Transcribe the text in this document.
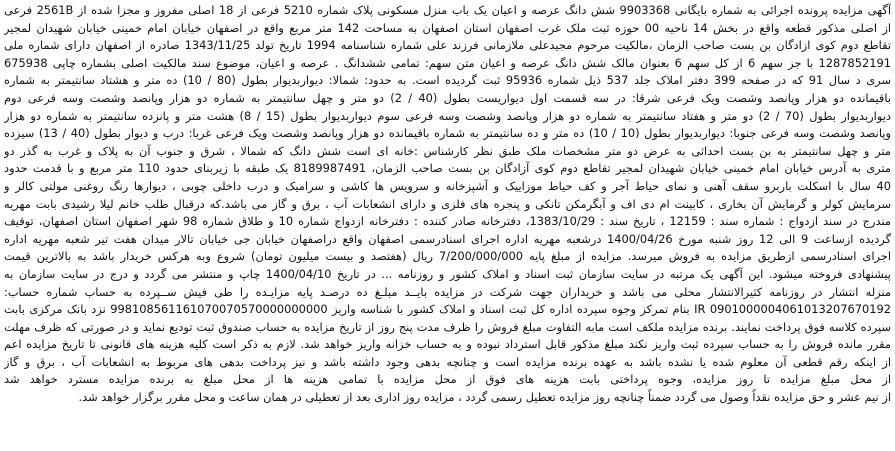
آگهی مزایده پرونده اجرائی به شماره بایگانی 9903368 شش دانگ عرصه و اعیان یک باب منزل مسکونی پلاک شماره 5210 فرعی از 18 اصلی مفروز و مجزا شده از 2561B فرعی
از اصلی مذکور قطعه واقع در بخش 14 ناحیه 00 حوزه ثبت ملک غرب اصفهان استان اصفهان به مساحت 142 متر مربع واقع در اصفهان خیابان امام خمینی خیابان شهیدان لمجیر
تقاطع دوم کوی ازادگان بن بست صاحب الزمان ،مالکیت مرحوم مجیدعلی ملازمانی فرزند علی شماره شناسنامه 1994 تاریخ تولد 1343/11/25 صادره از اصفهان دارای شماره ملی
1287852191 با جز سهم 6 از کل سهم 6 بعنوان مالک شش دانگ عرصه و اعیان متن سهم: تمامی ششدانگ . عرصه و اعیان، موضوع سند مالکیت اصلی بشماره چاپی 675938
سری د سال 91 که در صفحه 399 دفتر املاک جلد 537 ذیل شماره 95936 ثبت گردیده است. به حدود: شمالا: دیواربدیوار بطول (80 / 10) ده متر و هشتاد سانتیمتر به شماره
باقیمانده دو هزار وپانصد وشصت ویک فرعی شرقا: در سه قسمت اول دیواریست بطول (40 / 2) دو متر و چهل سانتیمتر به شماره دو هزار وپانصد وشصت وسه فرعی دوم
دیواربدیوار بطول (70 / 2) دو متر و هفتاد سانتیمتر به شماره دو هزار وپانصد وشصت وسه فرعی سوم دیواربدیوار بطول (15 / 8) هشت متر و پانزده سانتیمتر به شماره دو هزار
وپانصد وشصت وسه فرعی جنوبا: دیواربدیوار بطول (10 / 10) ده متر و ده سانتیمتر به شماره باقیمانده دو هزار وپانصد وشصت ویک فرعی غربا: درب و دیوار بطول (40 / 13) سیزده
متر و چهل سانتیمتر به بن بست احداثی به عرض دو متر مشخصات ملک طبق نظر کارشناس :خانه ای است شش دانگ که شمالا ، شرق و جنوب آن به پلاک و غرب به گذر دو
متری به آدرس خیابان امام خمینی خیابان شهیدان لمجیر تقاطع دوم کوی آزادگان بن بست صاحب الزمان، 8189987491 یک طبقه با زیربنای حدود 110 متر مربع و با قدمت حدود
40 سال با اسکلت باربرو سقف آهنی و نمای حیاط آجر و کف حیاط موزاییک و آشپزخانه و سرویس ها کاشی و سرامیک و درب داخلی چوبی ، دیوارها رنگ روغنی مولتی کالر و
سرمایش کولر و گرمایش آن بخاری ، کابینت ام دی اف و آبگرمکن تانکی و پنجره های فلزی و دارای انشعابات آب ، برق و گاز می باشد.که درقبال طلب خانم لیلا رشیدی بابت مهریه
مندرج در سند ازدواج : شماره سند : 12159 ، تاریخ سند : 1383/10/29، دفترخانه صادر کننده : دفترخانه ازدواج شماره 10 و طلاق شماره 98 شهر اصفهان استان اصفهان، توقیف
گردیده ازساعت 9 الی 12 روز شنبه مورخ 1400/04/26 درشعبه مهریه اداره اجرای اسنادرسمی اصفهان واقع دراصفهان خیابان جی خیابان تالار میدان هفت تیر شعبه مهریه اداره
اجرای اسنادرسمی ازطریق مزایده به فروش میرسد. مزایده از مبلغ پایه 7/200/000/000 ریال (هفتصد و بیست میلیون تومان) شروع وبه هرکس خریدار باشد به بالاترین قیمت
پیشنهادی فروخته میشود. این آگهی یک مرتبه در سایت سازمان ثبت اسناد و املاک کشور و روزنامه ... در تاریخ 1400/04/10 چاپ و منتشر می گردد و درج در سایت سازمان به
منزله انتشار در روزنامه کثیرالانتشار محلی می باشد و خریداران جهت شرکت در مزایده بایــد مبلـغ ده درصـد پایه مزایـده را طی فیش ســپرده به حساب شماره حساب:
IR 0901000004061013207670192 بنام تمرکز وجوه سپرده اداره کل ثبت اسناد و املاک کشور با شناسه واریز 998108561161070070570000000000 نزد بانک مرکزی بابت
سپرده کلاسه فوق پرداخت نمایند. برنده مزایده ملکف است مابه التفاوت مبلغ فروش را ظرف مدت پنج روز از تاریخ مزایده به حساب صندوق ثبت تودیع نماید و در صورتی که ظرف مهلت
مقرر مانده فروش را به حساب سپرده ثبت واریز نکند مبلغ مذکور قابل استرداد نبوده و به حساب خزانه واریز خواهد شد. لازم به ذکر است کلیه هزینه های قانونی تا تاریخ مزایده اعم
از اینکه رقم قطعی آن معلوم شده یا نشده باشد به عهده برنده مزایده است و چنانچه بدهی وجود داشته باشد و نیز پرداخت بدهی های مربوط به انشعابات آب ، برق و گاز
از محل مبلغ مزایده تا روز مزایده، وجوه پرداختی بابت هزینه های فوق از محل مزایده با تمامی هزینه ها از محل مبلغ به برنده مزایده مسترد خواهد شد
از نیم عشر و حق مزایده نقداً وصول می گردد ضمناً چنانچه روز مزایده تعطیل رسمی گردد ، مزایده روز اداری بعد از تعطیلی در همان ساعت و محل مقرر برگزار خواهد شد.
